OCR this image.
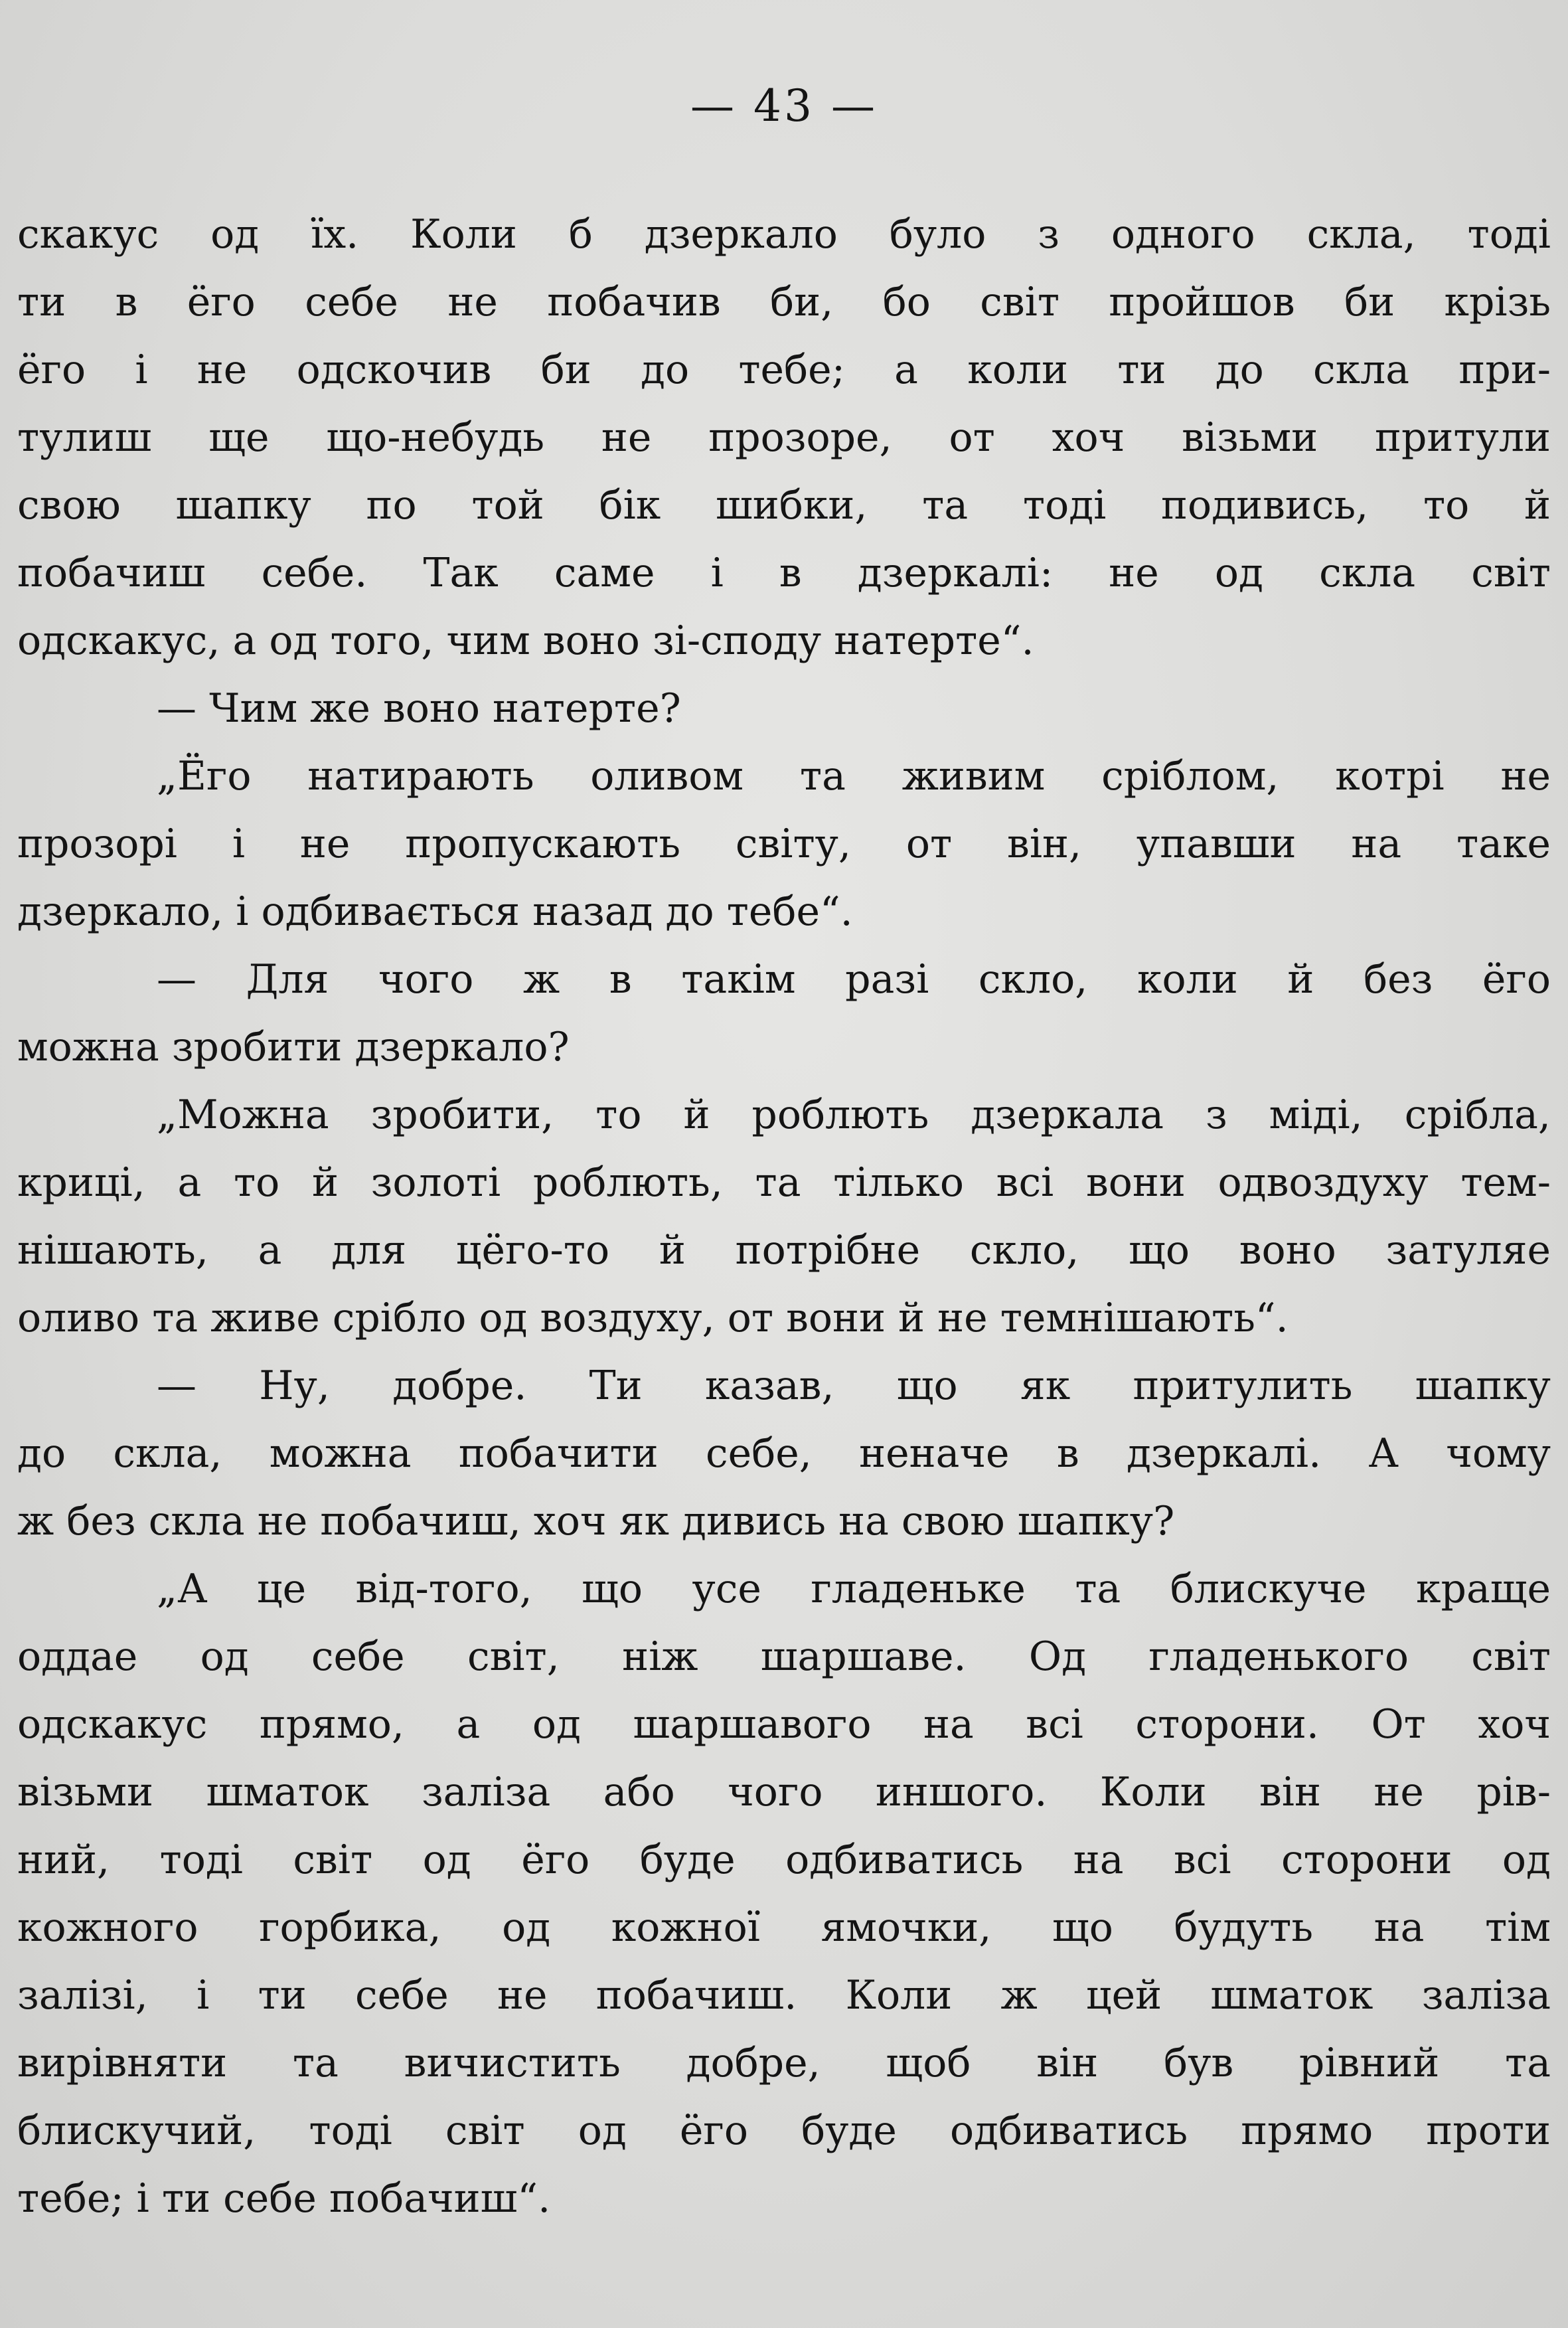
— 43 —
скакус од їх. Коли б дзеркало було з одного скла, тоді
ти в ёго себе не побачив би, бо світ пройшов би крізь
ёго і не одскочив би до тебе; а коли ти до скла при-
тулиш ще що-небудь не прозоре, от хоч візьми притули
свою шапку по той бік шибки, та тоді подивись, то й
побачиш себе. Так саме і в дзеркалі: не од скла світ
одскакус, а од того, чим воно зі-споду натерте“.
— Чим же воно натерте?
„Ёго натирають оливом та живим сріблом, котрі не
прозорі і не пропускають світу, от він, упавши на таке
дзеркало, і одбивається назад до тебе“.
— Для чого ж в такім разі скло, коли й без ёго
можна зробити дзеркало?
„Можна зробити, то й роблють дзеркала з міді, срібла,
криці, а то й золоті роблють, та тілько всі вони одвоздуху тем-
нішають, а для цёго-то й потрібне скло, що воно затуляе
оливо та живе срібло од воздуху, от вони й не темнішають“.
— Ну, добре. Ти казав, що як притулить шапку
до скла, можна побачити себе, неначе в дзеркалі. А чому
ж без скла не побачиш, хоч як дивись на свою шапку?
„А це від-того, що усе гладеньке та блискуче краще
оддае од себе світ, ніж шаршаве. Од гладенького світ
одскакус прямо, а од шаршавого на всі сторони. От хоч
візьми шматок заліза або чого иншого. Коли він не рів-
ний, тоді світ од ёго буде одбиватись на всі сторони од
кожного горбика, од кожної ямочки, що будуть на тім
залізі, і ти себе не побачиш. Коли ж цей шматок заліза
вирівняти та вичистить добре, щоб він був рівний та
блискучий, тоді світ од ёго буде одбиватись прямо проти
тебе; і ти себе побачиш“.
